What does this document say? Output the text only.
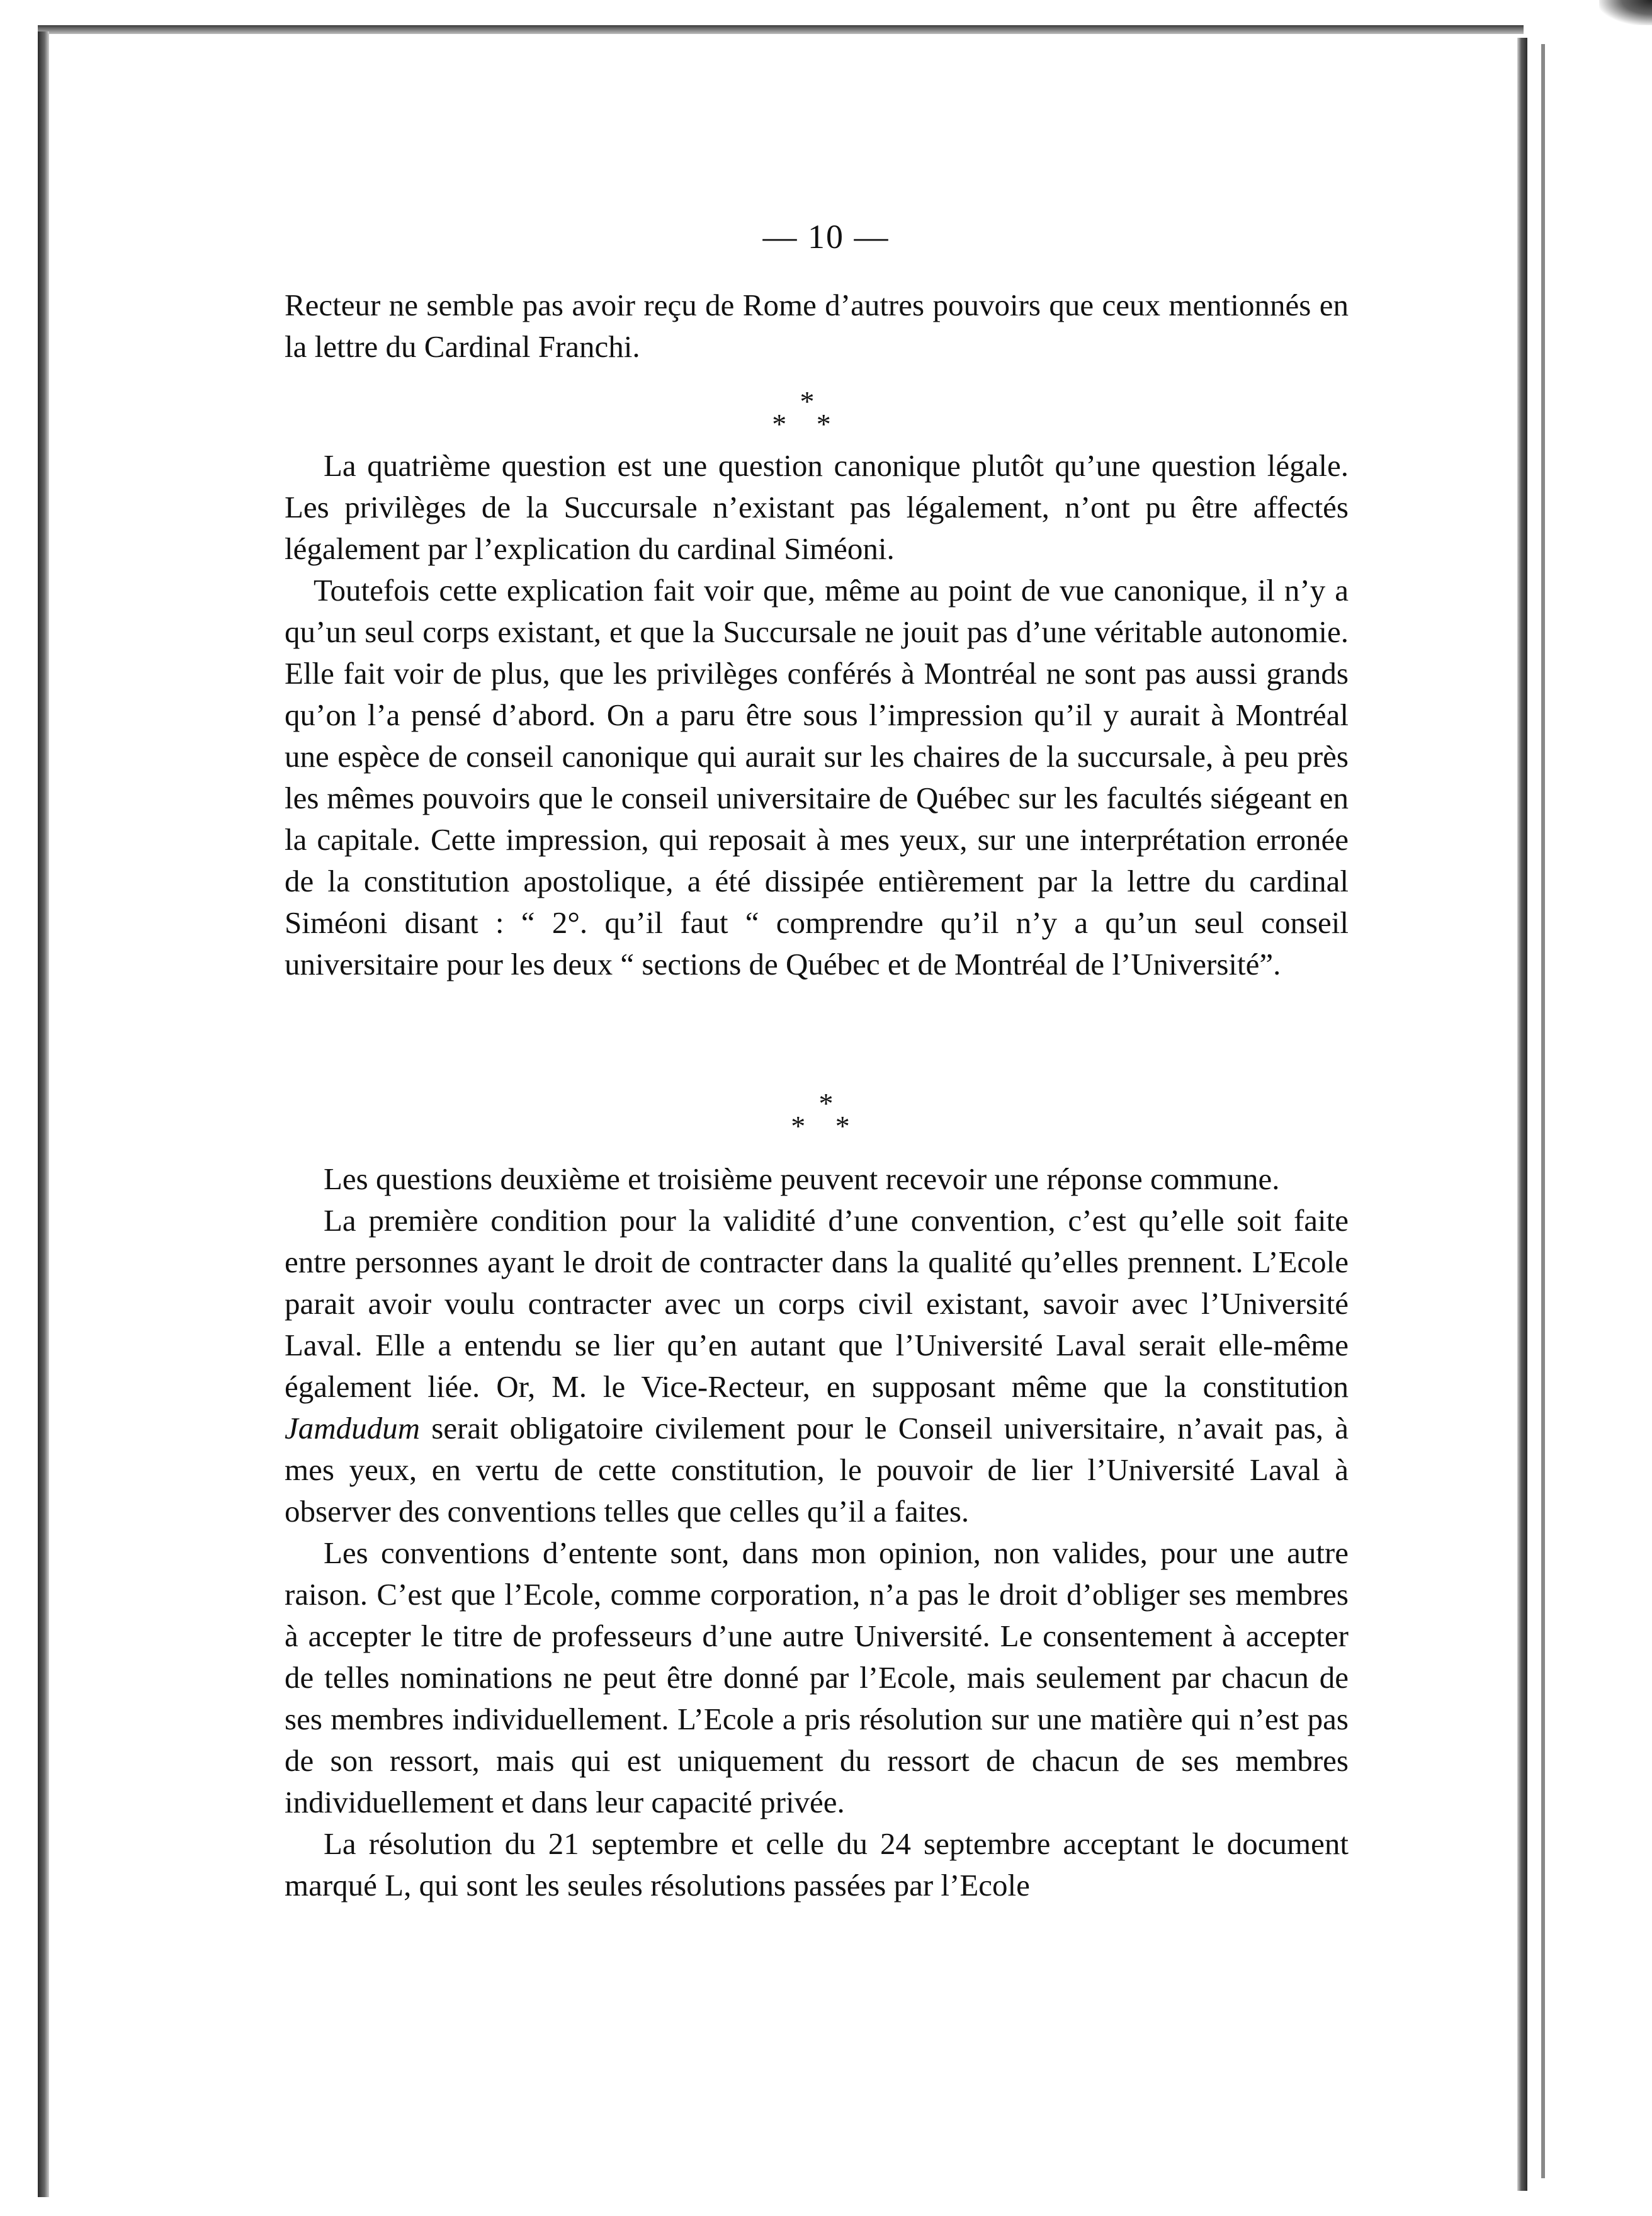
— 10 —

Recteur ne semble pas avoir reçu de Rome d’autres pouvoirs que ceux mentionnés en la lettre du Cardinal Franchi.

*
* *

La quatrième question est une question canonique plutôt qu’une question légale. Les privilèges de la Succursale n’existant pas légalement, n’ont pu être affectés légalement par l’explication du cardinal Siméoni.

Toutefois cette explication fait voir que, même au point de vue canonique, il n’y a qu’un seul corps existant, et que la Succursale ne jouit pas d’une véritable autonomie. Elle fait voir de plus, que les privilèges conférés à Montréal ne sont pas aussi grands qu’on l’a pensé d’abord. On a paru être sous l’impression qu’il y aurait à Montréal une espèce de conseil canonique qui aurait sur les chaires de la succursale, à peu près les mêmes pouvoirs que le conseil universitaire de Québec sur les facultés siégeant en la capitale. Cette impression, qui reposait à mes yeux, sur une interprétation erronée de la constitution apostolique, a été dissipée entièrement par la lettre du cardinal Siméoni disant : “ 2°. qu’il faut “ comprendre qu’il n’y a qu’un seul conseil universitaire pour les deux “ sections de Québec et de Montréal de l’Université”.

*
* *

Les questions deuxième et troisième peuvent recevoir une réponse commune.

La première condition pour la validité d’une convention, c’est qu’elle soit faite entre personnes ayant le droit de contracter dans la qualité qu’elles prennent. L’Ecole parait avoir voulu contracter avec un corps civil existant, savoir avec l’Université Laval. Elle a entendu se lier qu’en autant que l’Université Laval serait elle-même également liée. Or, M. le Vice-Recteur, en supposant même que la constitution Jamdudum serait obligatoire civilement pour le Conseil universitaire, n’avait pas, à mes yeux, en vertu de cette constitution, le pouvoir de lier l’Université Laval à observer des conventions telles que celles qu’il a faites.

Les conventions d’entente sont, dans mon opinion, non valides, pour une autre raison. C’est que l’Ecole, comme corporation, n’a pas le droit d’obliger ses membres à accepter le titre de professeurs d’une autre Université. Le consentement à accepter de telles nominations ne peut être donné par l’Ecole, mais seulement par chacun de ses membres individuellement. L’Ecole a pris résolution sur une matière qui n’est pas de son ressort, mais qui est uniquement du ressort de chacun de ses membres individuellement et dans leur capacité privée.

La résolution du 21 septembre et celle du 24 septembre acceptant le document marqué L, qui sont les seules résolutions passées par l’Ecole
